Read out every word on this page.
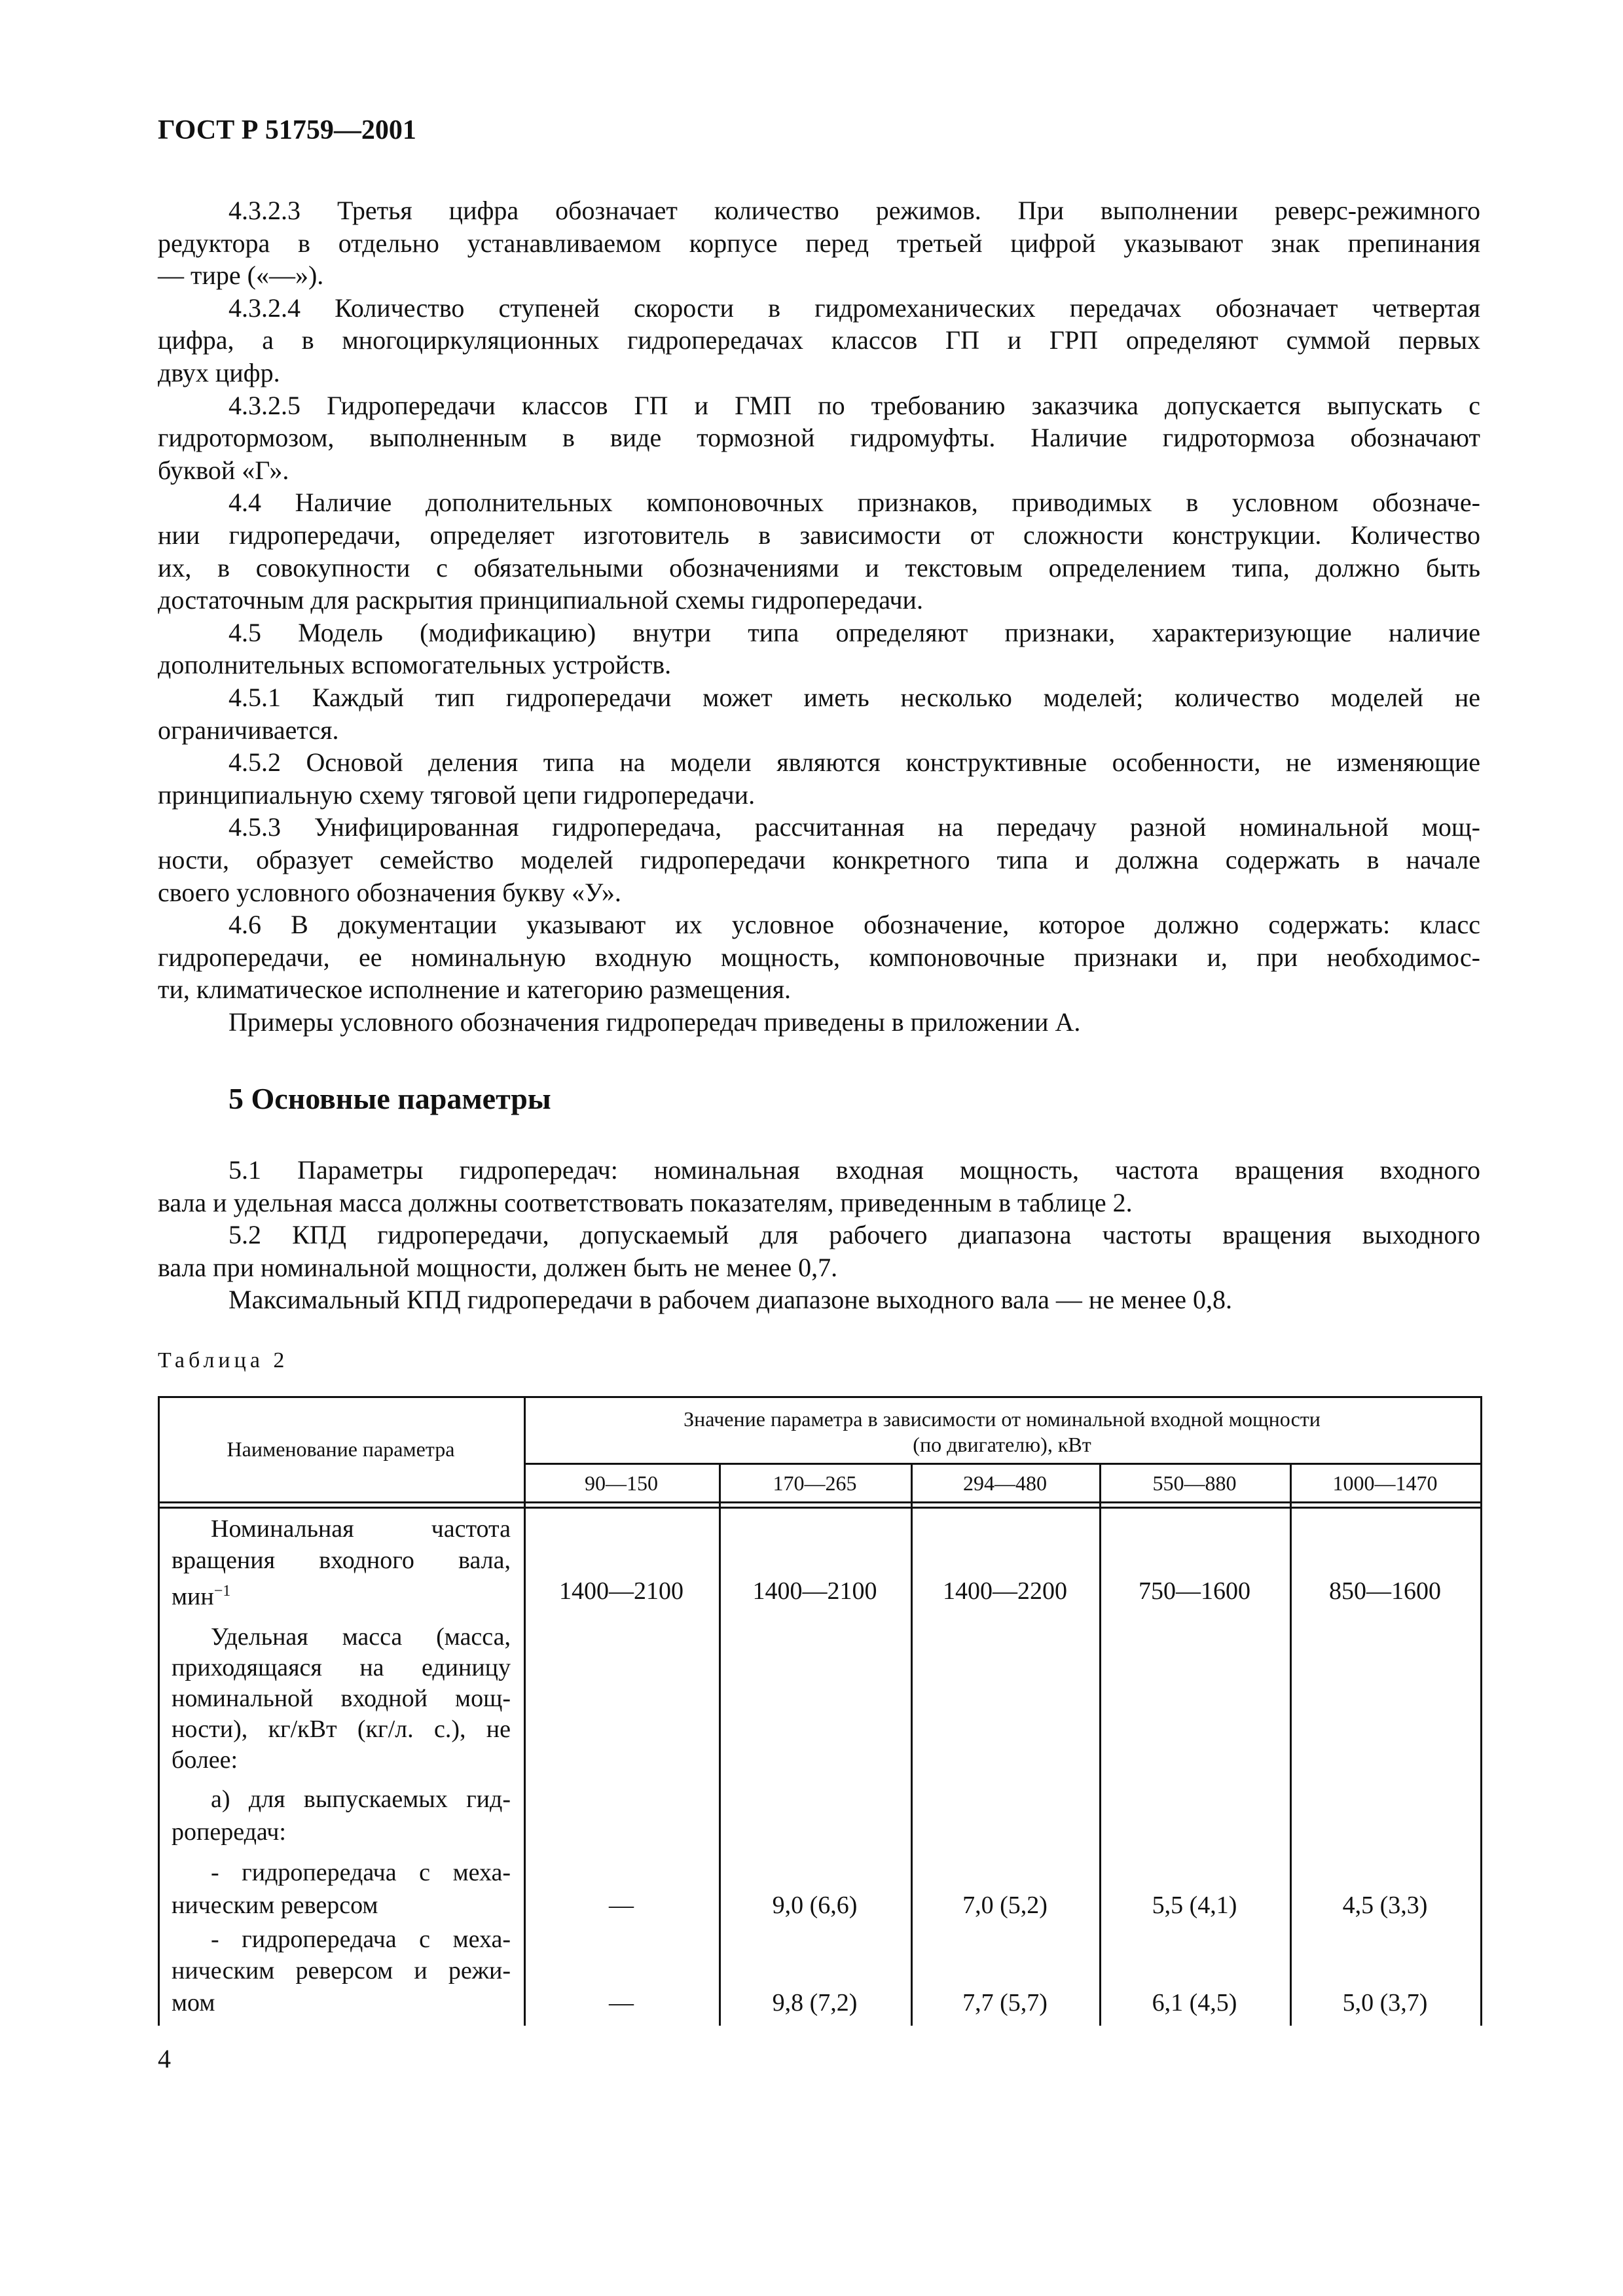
ГОСТ Р 51759—2001
4.3.2.3 Третья цифра обозначает количество режимов. При выполнении реверс-режимного
редуктора в отдельно устанавливаемом корпусе перед третьей цифрой указывают знак препинания
— тире («—»).
4.3.2.4 Количество ступеней скорости в гидромеханических передачах обозначает четвертая
цифра, а в многоциркуляционных гидропередачах классов ГП и ГРП определяют суммой первых
двух цифр.
4.3.2.5 Гидропередачи классов ГП и ГМП по требованию заказчика допускается выпускать с
гидротормозом, выполненным в виде тормозной гидромуфты. Наличие гидротормоза обозначают
буквой «Г».
4.4 Наличие дополнительных компоновочных признаков, приводимых в условном обозначе-
нии гидропередачи, определяет изготовитель в зависимости от сложности конструкции. Количество
их, в совокупности с обязательными обозначениями и текстовым определением типа, должно быть
достаточным для раскрытия принципиальной схемы гидропередачи.
4.5 Модель (модификацию) внутри типа определяют признаки, характеризующие наличие
дополнительных вспомогательных устройств.
4.5.1 Каждый тип гидропередачи может иметь несколько моделей; количество моделей не
ограничивается.
4.5.2 Основой деления типа на модели являются конструктивные особенности, не изменяющие
принципиальную схему тяговой цепи гидропередачи.
4.5.3 Унифицированная гидропередача, рассчитанная на передачу разной номинальной мощ-
ности, образует семейство моделей гидропередачи конкретного типа и должна содержать в начале
своего условного обозначения букву «У».
4.6 В документации указывают их условное обозначение, которое должно содержать: класс
гидропередачи, ее номинальную входную мощность, компоновочные признаки и, при необходимос-
ти, климатическое исполнение и категорию размещения.
Примеры условного обозначения гидропередач приведены в приложении А.
5 Основные параметры
5.1 Параметры гидропередач: номинальная входная мощность, частота вращения входного
вала и удельная масса должны соответствовать показателям, приведенным в таблице 2.
5.2 КПД гидропередачи, допускаемый для рабочего диапазона частоты вращения выходного
вала при номинальной мощности, должен быть не менее 0,7.
Максимальный КПД гидропередачи в рабочем диапазоне выходного вала — не менее 0,8.
Таблица 2
Наименование параметра
Значение параметра в зависимости от номинальной входной мощности
(по двигателю), кВт
90—150	170—265	294—480	550—880	1000—1470
Номинальная частота
вращения входного вала,
мин$^{-1}$	1400—2100	1400—2100	1400—2200	750—1600	850—1600
Удельная масса (масса,
приходящаяся на единицу
номинальной входной мощ-
ности), кг/кВт (кг/л. с.), не
более:
а) для выпускаемых гид-
ропередач:
- гидропередача с меха-
ническим реверсом	—	9,0 (6,6)	7,0 (5,2)	5,5 (4,1)	4,5 (3,3)
- гидропередача с меха-
ническим реверсом и режи-
мом	—	9,8 (7,2)	7,7 (5,7)	6,1 (4,5)	5,0 (3,7)
4
